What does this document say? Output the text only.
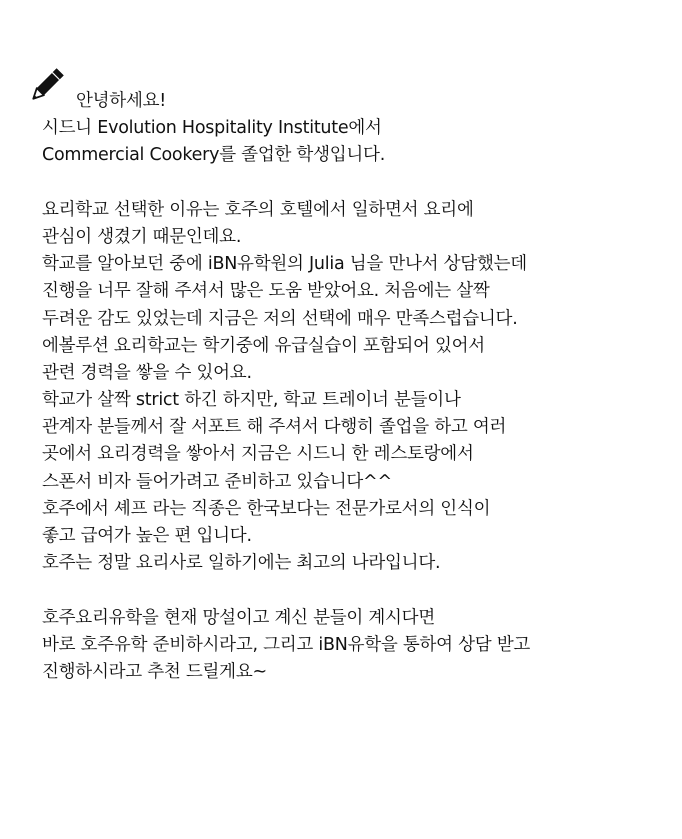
안녕하세요!
시드니 Evolution Hospitality Institute에서
Commercial Cookery를 졸업한 학생입니다.
요리학교 선택한 이유는 호주의 호텔에서 일하면서 요리에
관심이 생겼기 때문인데요.
학교를 알아보던 중에 iBN유학원의 Julia 님을 만나서 상담했는데
진행을 너무 잘해 주셔서 많은 도움 받았어요. 처음에는 살짝
두려운 감도 있었는데 지금은 저의 선택에 매우 만족스럽습니다.
에볼루션 요리학교는 학기중에 유급실습이 포함되어 있어서
관련 경력을 쌓을 수 있어요.
학교가 살짝 strict 하긴 하지만, 학교 트레이너 분들이나
관계자 분들께서 잘 서포트 해 주셔서 다행히 졸업을 하고 여러
곳에서 요리경력을 쌓아서 지금은 시드니 한 레스토랑에서
스폰서 비자 들어가려고 준비하고 있습니다^^
호주에서 셰프 라는 직종은 한국보다는 전문가로서의 인식이
좋고 급여가 높은 편 입니다.
호주는 정말 요리사로 일하기에는 최고의 나라입니다.
호주요리유학을 현재 망설이고 계신 분들이 계시다면
바로 호주유학 준비하시라고, 그리고 iBN유학을 통하여 상담 받고
진행하시라고 추천 드릴게요~
